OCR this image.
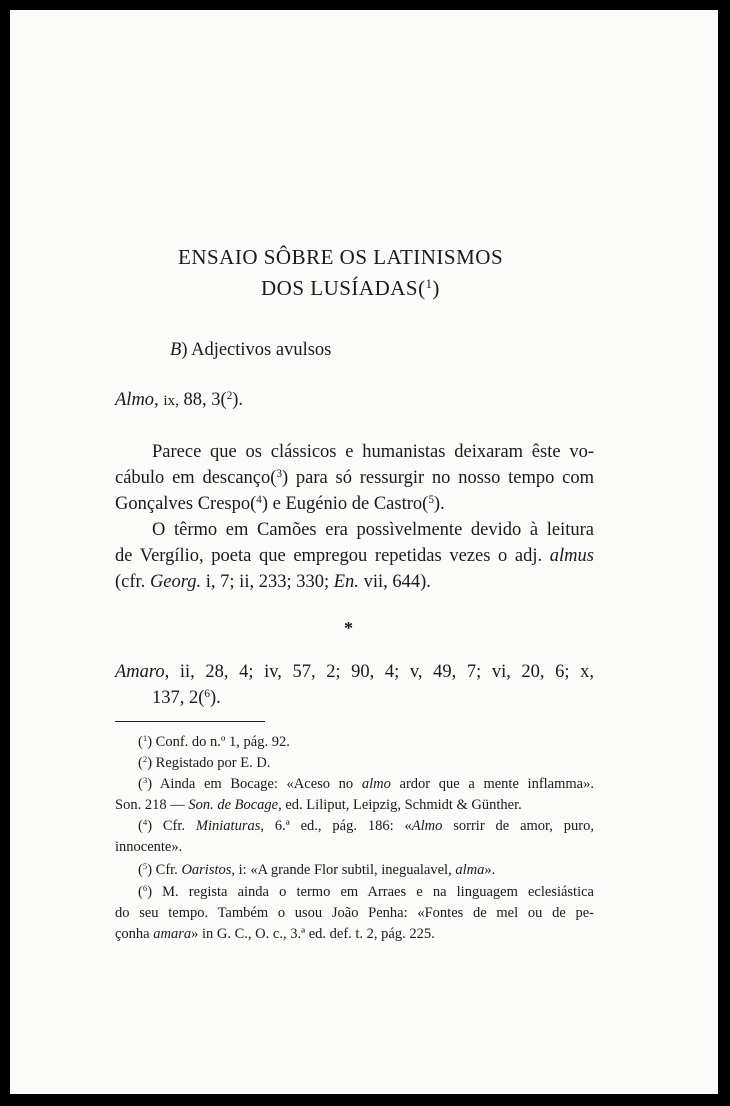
ENSAIO SÔBRE OS LATINISMOS
DOS LUSÍADAS($^1$)
B) Adjectivos avulsos
Almo, ix, 88, 3($^2$).
Parece que os clássicos e humanistas deixaram êste vo-
cábulo em descanço($^3$) para só ressurgir no nosso tempo com
Gonçalves Crespo($^4$) e Eugénio de Castro($^5$).
O têrmo em Camões era possìvelmente devido à leitura
de Vergílio, poeta que empregou repetidas vezes o adj. almus
(cfr. Georg. i, 7; ii, 233; 330; En. vii, 644).
*
Amaro, ii, 28, 4; iv, 57, 2; 90, 4; v, 49, 7; vi, 20, 6; x,
137, 2($^6$).
($^1$) Conf. do n.º 1, pág. 92.
($^2$) Registado por E. D.
($^3$) Ainda em Bocage: «Aceso no almo ardor que a mente inflamma».
Son. 218 — Son. de Bocage, ed. Liliput, Leipzig, Schmidt & Günther.
($^4$) Cfr. Miniaturas, 6.ª ed., pág. 186: «Almo sorrir de amor, puro,
innocente».
($^5$) Cfr. Oaristos, i: «A grande Flor subtil, inegualavel, alma».
($^6$) M. regista ainda o termo em Arraes e na linguagem eclesiástica
do seu tempo. Também o usou João Penha: «Fontes de mel ou de pe-
çonha amara» in G. C., O. c., 3.ª ed. def. t. 2, pág. 225.
